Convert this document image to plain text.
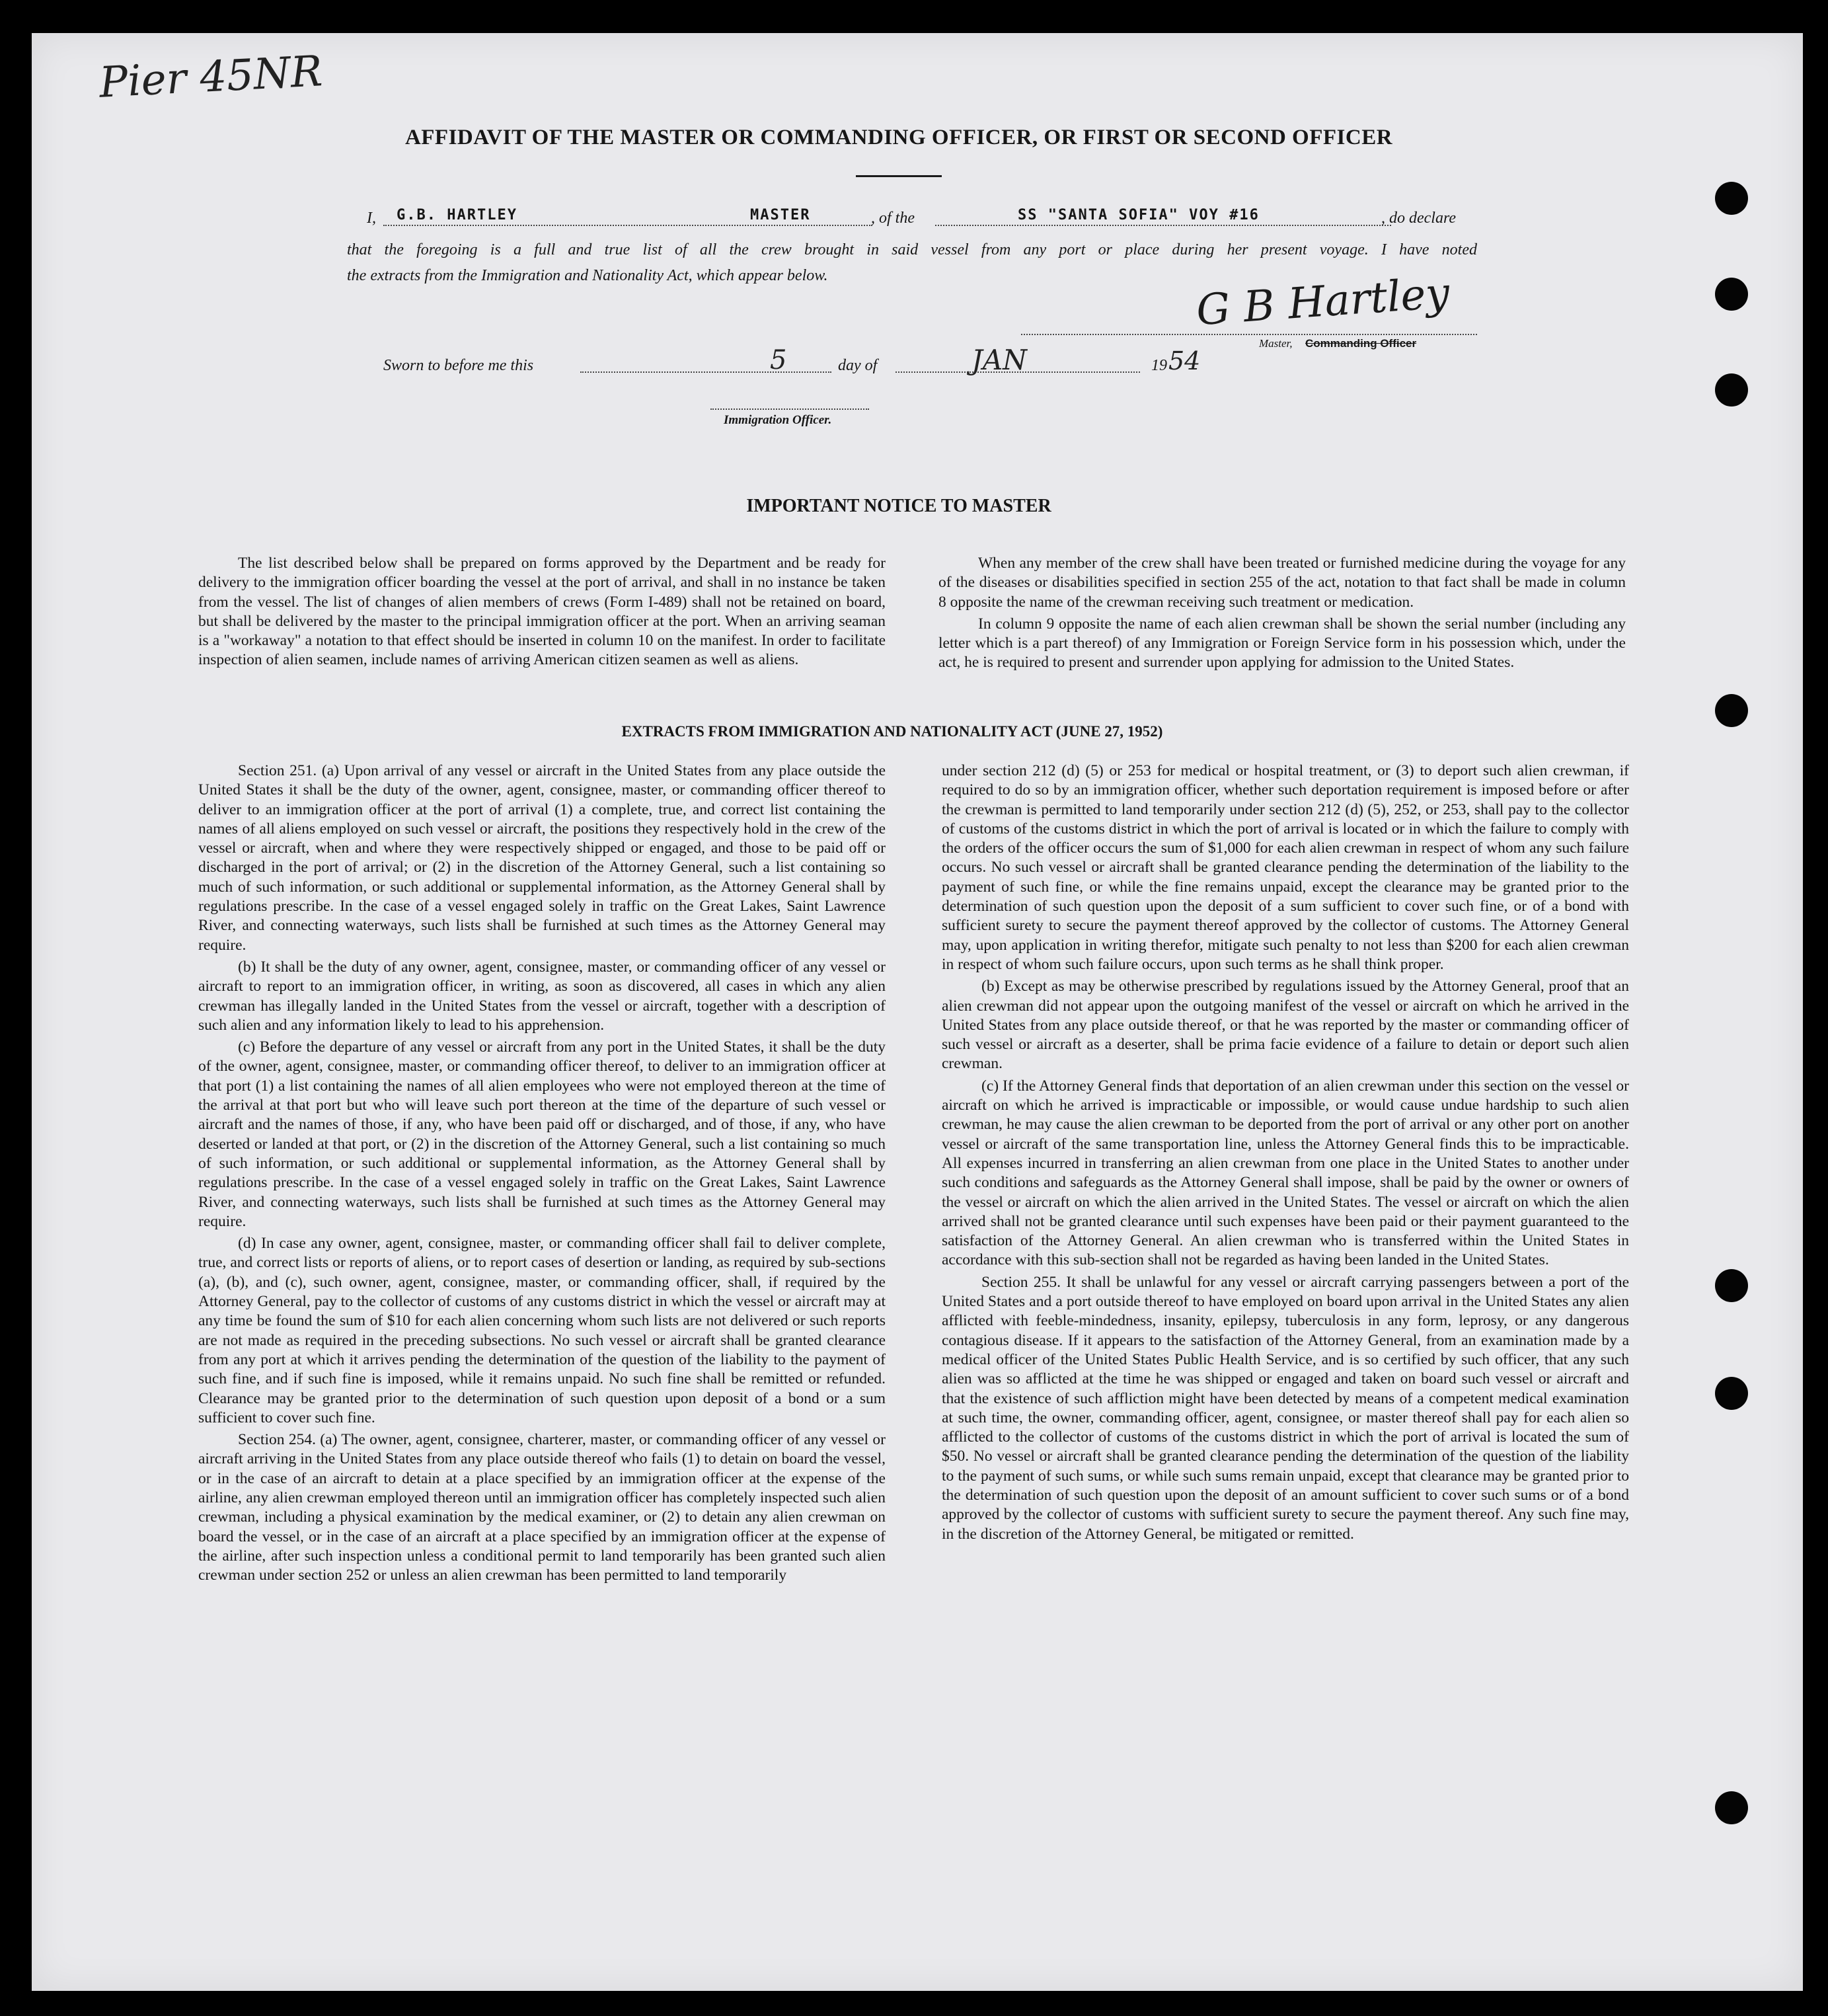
Pier 45NR
AFFIDAVIT OF THE MASTER OR COMMANDING OFFICER, OR FIRST OR SECOND OFFICER
I, G.B. HARTLEY	MASTER	, of the	SS "SANTA SOFIA" VOY #16	, do declare
that the foregoing is a full and true list of all the crew brought in said vessel from any port or place during her present voyage. I have noted
the extracts from the Immigration and Nationality Act, which appear below.	G B Hartley
Master, Commanding Officer
Sworn to before me this	5	day of	JAN	19 54
Immigration Officer.
IMPORTANT NOTICE TO MASTER

The list described below shall be prepared on forms approved by the Department and be ready for delivery to the immigration officer boarding the vessel at the port of arrival, and shall in no instance be taken from the vessel. The list of changes of alien members of crews (Form I-489) shall not be retained on board, but shall be delivered by the master to the principal immigration officer at the port. When an arriving seaman is a "workaway" a notation to that effect should be inserted in column 10 on the manifest. In order to facilitate inspection of alien seamen, include names of arriving American citizen seamen as well as aliens.

When any member of the crew shall have been treated or furnished medicine during the voyage for any of the diseases or disabilities specified in section 255 of the act, notation to that fact shall be made in column 8 opposite the name of the crewman receiving such treatment or medication.

In column 9 opposite the name of each alien crewman shall be shown the serial number (including any letter which is a part thereof) of any Immigration or Foreign Service form in his possession which, under the act, he is required to present and surrender upon applying for admission to the United States.

EXTRACTS FROM IMMIGRATION AND NATIONALITY ACT (JUNE 27, 1952)

Section 251. (a) Upon arrival of any vessel or aircraft in the United States from any place outside the United States it shall be the duty of the owner, agent, consignee, master, or commanding officer thereof to deliver to an immigration officer at the port of arrival (1) a complete, true, and correct list containing the names of all aliens employed on such vessel or aircraft, the positions they respectively hold in the crew of the vessel or aircraft, when and where they were respectively shipped or engaged, and those to be paid off or discharged in the port of arrival; or (2) in the discretion of the Attorney General, such a list containing so much of such information, or such additional or supplemental information, as the Attorney General shall by regulations prescribe. In the case of a vessel engaged solely in traffic on the Great Lakes, Saint Lawrence River, and connecting waterways, such lists shall be furnished at such times as the Attorney General may require.

(b) It shall be the duty of any owner, agent, consignee, master, or commanding officer of any vessel or aircraft to report to an immigration officer, in writing, as soon as discovered, all cases in which any alien crewman has illegally landed in the United States from the vessel or aircraft, together with a description of such alien and any information likely to lead to his apprehension.

(c) Before the departure of any vessel or aircraft from any port in the United States, it shall be the duty of the owner, agent, consignee, master, or commanding officer thereof, to deliver to an immigration officer at that port (1) a list containing the names of all alien employees who were not employed thereon at the time of the arrival at that port but who will leave such port thereon at the time of the departure of such vessel or aircraft and the names of those, if any, who have been paid off or discharged, and of those, if any, who have deserted or landed at that port, or (2) in the discretion of the Attorney General, such a list containing so much of such information, or such additional or supplemental information, as the Attorney General shall by regulations prescribe. In the case of a vessel engaged solely in traffic on the Great Lakes, Saint Lawrence River, and connecting waterways, such lists shall be furnished at such times as the Attorney General may require.

(d) In case any owner, agent, consignee, master, or commanding officer shall fail to deliver complete, true, and correct lists or reports of aliens, or to report cases of desertion or landing, as required by sub-sections (a), (b), and (c), such owner, agent, consignee, master, or commanding officer, shall, if required by the Attorney General, pay to the collector of customs of any customs district in which the vessel or aircraft may at any time be found the sum of $10 for each alien concerning whom such lists are not delivered or such reports are not made as required in the preceding subsections. No such vessel or aircraft shall be granted clearance from any port at which it arrives pending the determination of the question of the liability to the payment of such fine, and if such fine is imposed, while it remains unpaid. No such fine shall be remitted or refunded. Clearance may be granted prior to the determination of such question upon deposit of a bond or a sum sufficient to cover such fine.

Section 254. (a) The owner, agent, consignee, charterer, master, or commanding officer of any vessel or aircraft arriving in the United States from any place outside thereof who fails (1) to detain on board the vessel, or in the case of an aircraft to detain at a place specified by an immigration officer at the expense of the airline, any alien crewman employed thereon until an immigration officer has completely inspected such alien crewman, including a physical examination by the medical examiner, or (2) to detain any alien crewman on board the vessel, or in the case of an aircraft at a place specified by an immigration officer at the expense of the airline, after such inspection unless a conditional permit to land temporarily has been granted such alien crewman under section 252 or unless an alien crewman has been permitted to land temporarily

under section 212 (d) (5) or 253 for medical or hospital treatment, or (3) to deport such alien crewman, if required to do so by an immigration officer, whether such deportation requirement is imposed before or after the crewman is permitted to land temporarily under section 212 (d) (5), 252, or 253, shall pay to the collector of customs of the customs district in which the port of arrival is located or in which the failure to comply with the orders of the officer occurs the sum of $1,000 for each alien crewman in respect of whom any such failure occurs. No such vessel or aircraft shall be granted clearance pending the determination of the liability to the payment of such fine, or while the fine remains unpaid, except the clearance may be granted prior to the determination of such question upon the deposit of a sum sufficient to cover such fine, or of a bond with sufficient surety to secure the payment thereof approved by the collector of customs. The Attorney General may, upon application in writing therefor, mitigate such penalty to not less than $200 for each alien crewman in respect of whom such failure occurs, upon such terms as he shall think proper.

(b) Except as may be otherwise prescribed by regulations issued by the Attorney General, proof that an alien crewman did not appear upon the outgoing manifest of the vessel or aircraft on which he arrived in the United States from any place outside thereof, or that he was reported by the master or commanding officer of such vessel or aircraft as a deserter, shall be prima facie evidence of a failure to detain or deport such alien crewman.

(c) If the Attorney General finds that deportation of an alien crewman under this section on the vessel or aircraft on which he arrived is impracticable or impossible, or would cause undue hardship to such alien crewman, he may cause the alien crewman to be deported from the port of arrival or any other port on another vessel or aircraft of the same transportation line, unless the Attorney General finds this to be impracticable. All expenses incurred in transferring an alien crewman from one place in the United States to another under such conditions and safeguards as the Attorney General shall impose, shall be paid by the owner or owners of the vessel or aircraft on which the alien arrived in the United States. The vessel or aircraft on which the alien arrived shall not be granted clearance until such expenses have been paid or their payment guaranteed to the satisfaction of the Attorney General. An alien crewman who is transferred within the United States in accordance with this sub-section shall not be regarded as having been landed in the United States.

Section 255. It shall be unlawful for any vessel or aircraft carrying passengers between a port of the United States and a port outside thereof to have employed on board upon arrival in the United States any alien afflicted with feeble-mindedness, insanity, epilepsy, tuberculosis in any form, leprosy, or any dangerous contagious disease. If it appears to the satisfaction of the Attorney General, from an examination made by a medical officer of the United States Public Health Service, and is so certified by such officer, that any such alien was so afflicted at the time he was shipped or engaged and taken on board such vessel or aircraft and that the existence of such affliction might have been detected by means of a competent medical examination at such time, the owner, commanding officer, agent, consignee, or master thereof shall pay for each alien so afflicted to the collector of customs of the customs district in which the port of arrival is located the sum of $50. No vessel or aircraft shall be granted clearance pending the determination of the question of the liability to the payment of such sums, or while such sums remain unpaid, except that clearance may be granted prior to the determination of such question upon the deposit of an amount sufficient to cover such sums or of a bond approved by the collector of customs with sufficient surety to secure the payment thereof. Any such fine may, in the discretion of the Attorney General, be mitigated or remitted.
